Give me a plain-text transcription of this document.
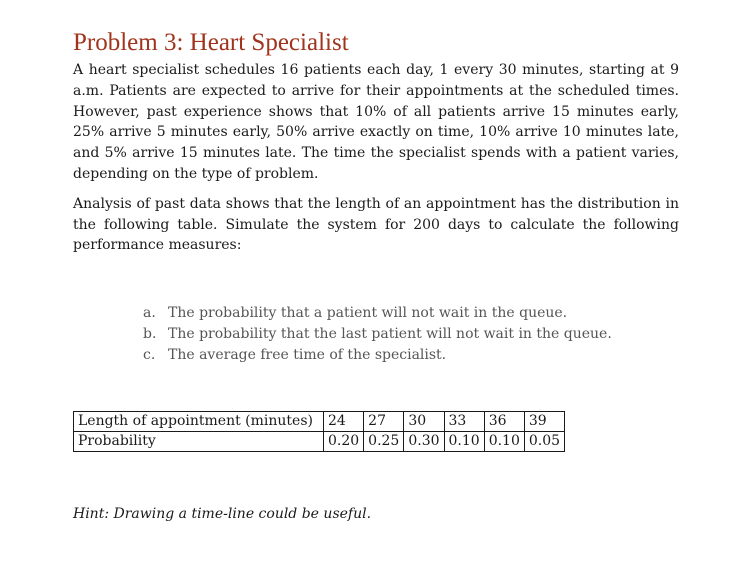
Problem 3: Heart Specialist

A heart specialist schedules 16 patients each day, 1 every 30 minutes, starting at 9 a.m. Patients are expected to arrive for their appointments at the scheduled times. However, past experience shows that 10% of all patients arrive 15 minutes early, 25% arrive 5 minutes early, 50% arrive exactly on time, 10% arrive 10 minutes late, and 5% arrive 15 minutes late. The time the specialist spends with a patient varies, depending on the type of problem.

Analysis of past data shows that the length of an appointment has the distribution in the following table. Simulate the system for 200 days to calculate the following performance measures:

a. The probability that a patient will not wait in the queue.
b. The probability that the last patient will not wait in the queue.
c. The average free time of the specialist.
Length of appointment (minutes)	24	27	30	33	36	39
Probability	0.20	0.25	0.30	0.10	0.10	0.05

Hint: Drawing a time-line could be useful.
